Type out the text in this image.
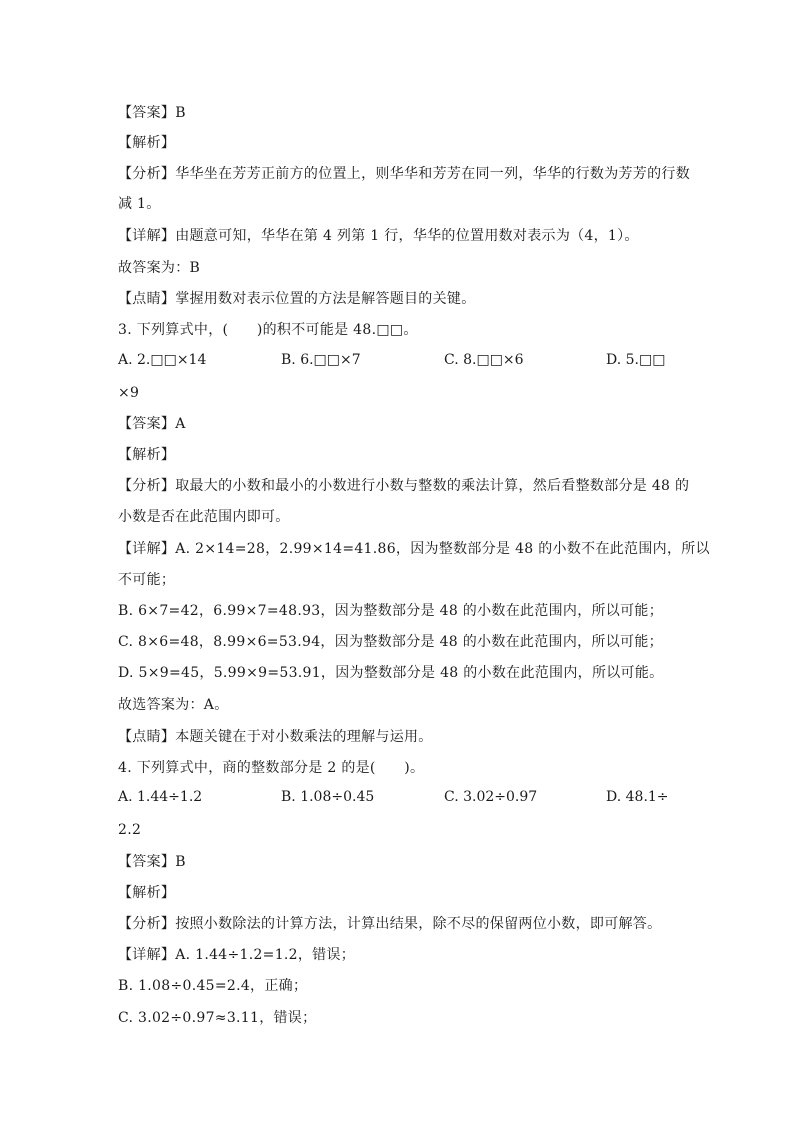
【答案】B
【解析】
【分析】华华坐在芳芳正前方的位置上，则华华和芳芳在同一列，华华的行数为芳芳的行数
减 1。
【详解】由题意可知，华华在第 4 列第 1 行，华华的位置用数对表示为（4，1）。
故答案为：B
【点睛】掌握用数对表示位置的方法是解答题目的关键。
3. 下列算式中，(　　)的积不可能是 48.□□。
A. 2.□□×14	B. 6.□□×7	C. 8.□□×6	D. 5.□□
×9
【答案】A
【解析】
【分析】取最大的小数和最小的小数进行小数与整数的乘法计算，然后看整数部分是 48 的
小数是否在此范围内即可。
【详解】A. 2×14=28，2.99×14=41.86，因为整数部分是 48 的小数不在此范围内，所以
不可能；
B. 6×7=42，6.99×7=48.93，因为整数部分是 48 的小数在此范围内，所以可能；
C. 8×6=48，8.99×6=53.94，因为整数部分是 48 的小数在此范围内，所以可能；
D. 5×9=45，5.99×9=53.91，因为整数部分是 48 的小数在此范围内，所以可能。
故选答案为：A。
【点睛】本题关键在于对小数乘法的理解与运用。
4. 下列算式中，商的整数部分是 2 的是(　　)。
A. 1.44÷1.2	B. 1.08÷0.45	C. 3.02÷0.97	D. 48.1÷
2.2
【答案】B
【解析】
【分析】按照小数除法的计算方法，计算出结果，除不尽的保留两位小数，即可解答。
【详解】A. 1.44÷1.2=1.2，错误；
B. 1.08÷0.45=2.4，正确；
C. 3.02÷0.97≈3.11，错误；
